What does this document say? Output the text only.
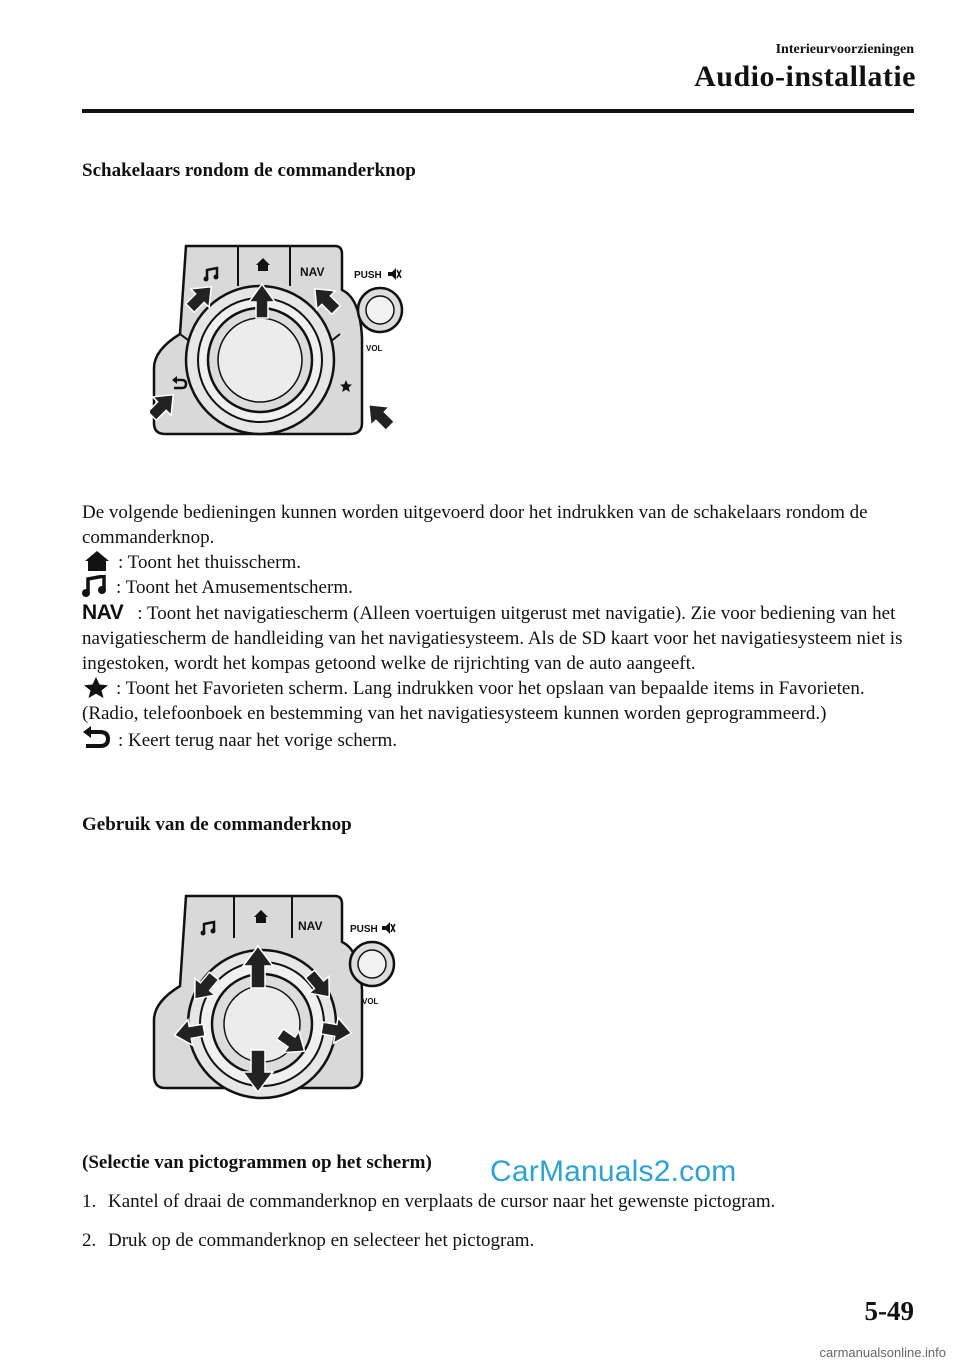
Interieurvoorzieningen
Audio-installatie
Schakelaars rondom de commanderknop
NAV	PUSH
VOL

De volgende bedieningen kunnen worden uitgevoerd door het indrukken van de schakelaars rondom de commanderknop.

: Toont het thuisscherm.

: Toont het Amusementscherm.

NAV : Toont het navigatiescherm (Alleen voertuigen uitgerust met navigatie). Zie voor bediening van het navigatiescherm de handleiding van het navigatiesysteem. Als de SD kaart voor het navigatiesysteem niet is ingestoken, wordt het kompas getoond welke de rijrichting van de auto aangeeft.

: Toont het Favorieten scherm. Lang indrukken voor het opslaan van bepaalde items in Favorieten. (Radio, telefoonboek en bestemming van het navigatiesysteem kunnen worden geprogrammeerd.)

: Keert terug naar het vorige scherm.

Gebruik van de commanderknop
NAV	PUSH
VOL
(Selectie van pictogrammen op het scherm)
1. Kantel of draai de commanderknop en verplaats de cursor naar het gewenste pictogram.
2. Druk op de commanderknop en selecteer het pictogram.
CarManuals2.com
5-49
carmanualsonline.info
